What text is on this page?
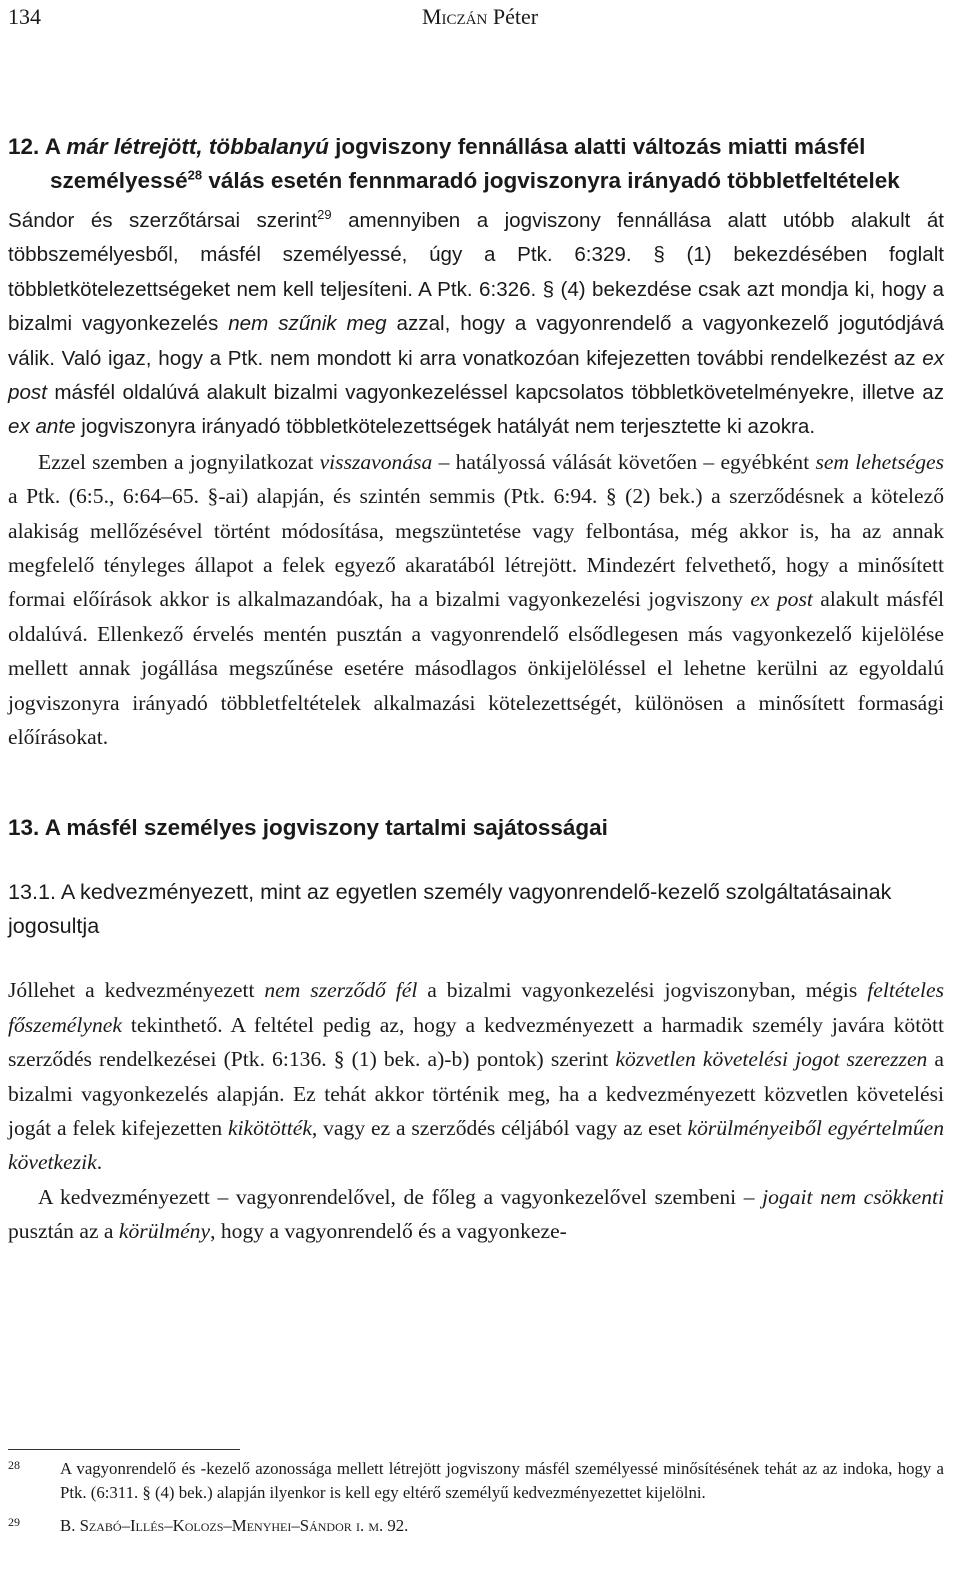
134	Miczán Péter
12. A már létrejött, többalanyú jogviszony fennállása alatti változás miatti másfél személyessé$^{28}$ válás esetén fennmaradó jogviszonyra irányadó többletfeltételek

Sándor és szerzőtársai szerint$^{29}$ amennyiben a jogviszony fennállása alatt utóbb alakult át többszemélyesből, másfél személyessé, úgy a Ptk. 6:329. § (1) bekezdésében foglalt többletkötelezettségeket nem kell teljesíteni. A Ptk. 6:326. § (4) bekezdése csak azt mondja ki, hogy a bizalmi vagyonkezelés nem szűnik meg azzal, hogy a vagyonrendelő a vagyonkezelő jogutódjává válik. Való igaz, hogy a Ptk. nem mondott ki arra vonatkozóan kifejezetten további rendelkezést az ex post másfél oldalúvá alakult bizalmi vagyonkezeléssel kapcsolatos többletkövetelményekre, illetve az ex ante jogviszonyra irányadó többletkötelezettségek hatályát nem terjesztette ki azokra.

Ezzel szemben a jognyilatkozat visszavonása – hatályossá válását követően – egyébként sem lehetséges a Ptk. (6:5., 6:64–65. §-ai) alapján, és szintén semmis (Ptk. 6:94. § (2) bek.) a szerződésnek a kötelező alakiság mellőzésével történt módosítása, megszüntetése vagy felbontása, még akkor is, ha az annak megfelelő tényleges állapot a felek egyező akaratából létrejött. Mindezért felvethető, hogy a minősített formai előírások akkor is alkalmazandóak, ha a bizalmi vagyonkezelési jogviszony ex post alakult másfél oldalúvá. Ellenkező érvelés mentén pusztán a vagyonrendelő elsődlegesen más vagyonkezelő kijelölése mellett annak jogállása megszűnése esetére másodlagos önkijelöléssel el lehetne kerülni az egyoldalú jogviszonyra irányadó többletfeltételek alkalmazási kötelezettségét, különösen a minősített formasági előírásokat.

13. A másfél személyes jogviszony tartalmi sajátosságai
13.1. A kedvezményezett, mint az egyetlen személy vagyonrendelő-kezelő szolgáltatásainak jogosultja

Jóllehet a kedvezményezett nem szerződő fél a bizalmi vagyonkezelési jogviszonyban, mégis feltételes főszemélynek tekinthető. A feltétel pedig az, hogy a kedvezményezett a harmadik személy javára kötött szerződés rendelkezései (Ptk. 6:136. § (1) bek. a)-b) pontok) szerint közvetlen követelési jogot szerezzen a bizalmi vagyonkezelés alapján. Ez tehát akkor történik meg, ha a kedvezményezett közvetlen követelési jogát a felek kifejezetten kikötötték, vagy ez a szerződés céljából vagy az eset körülményeiből egyértelműen következik.

A kedvezményezett – vagyonrendelővel, de főleg a vagyonkezelővel szembeni – jogait nem csökkenti pusztán az a körülmény, hogy a vagyonrendelő és a vagyonkeze-

28 A vagyonrendelő és -kezelő azonossága mellett létrejött jogviszony másfél személyessé minősítésének tehát az az indoka, hogy a Ptk. (6:311. § (4) bek.) alapján ilyenkor is kell egy eltérő személyű kedvezményezettet kijelölni.
29 B. Szabó–Illés–Kolozs–Menyhei–Sándor i. m. 92.
